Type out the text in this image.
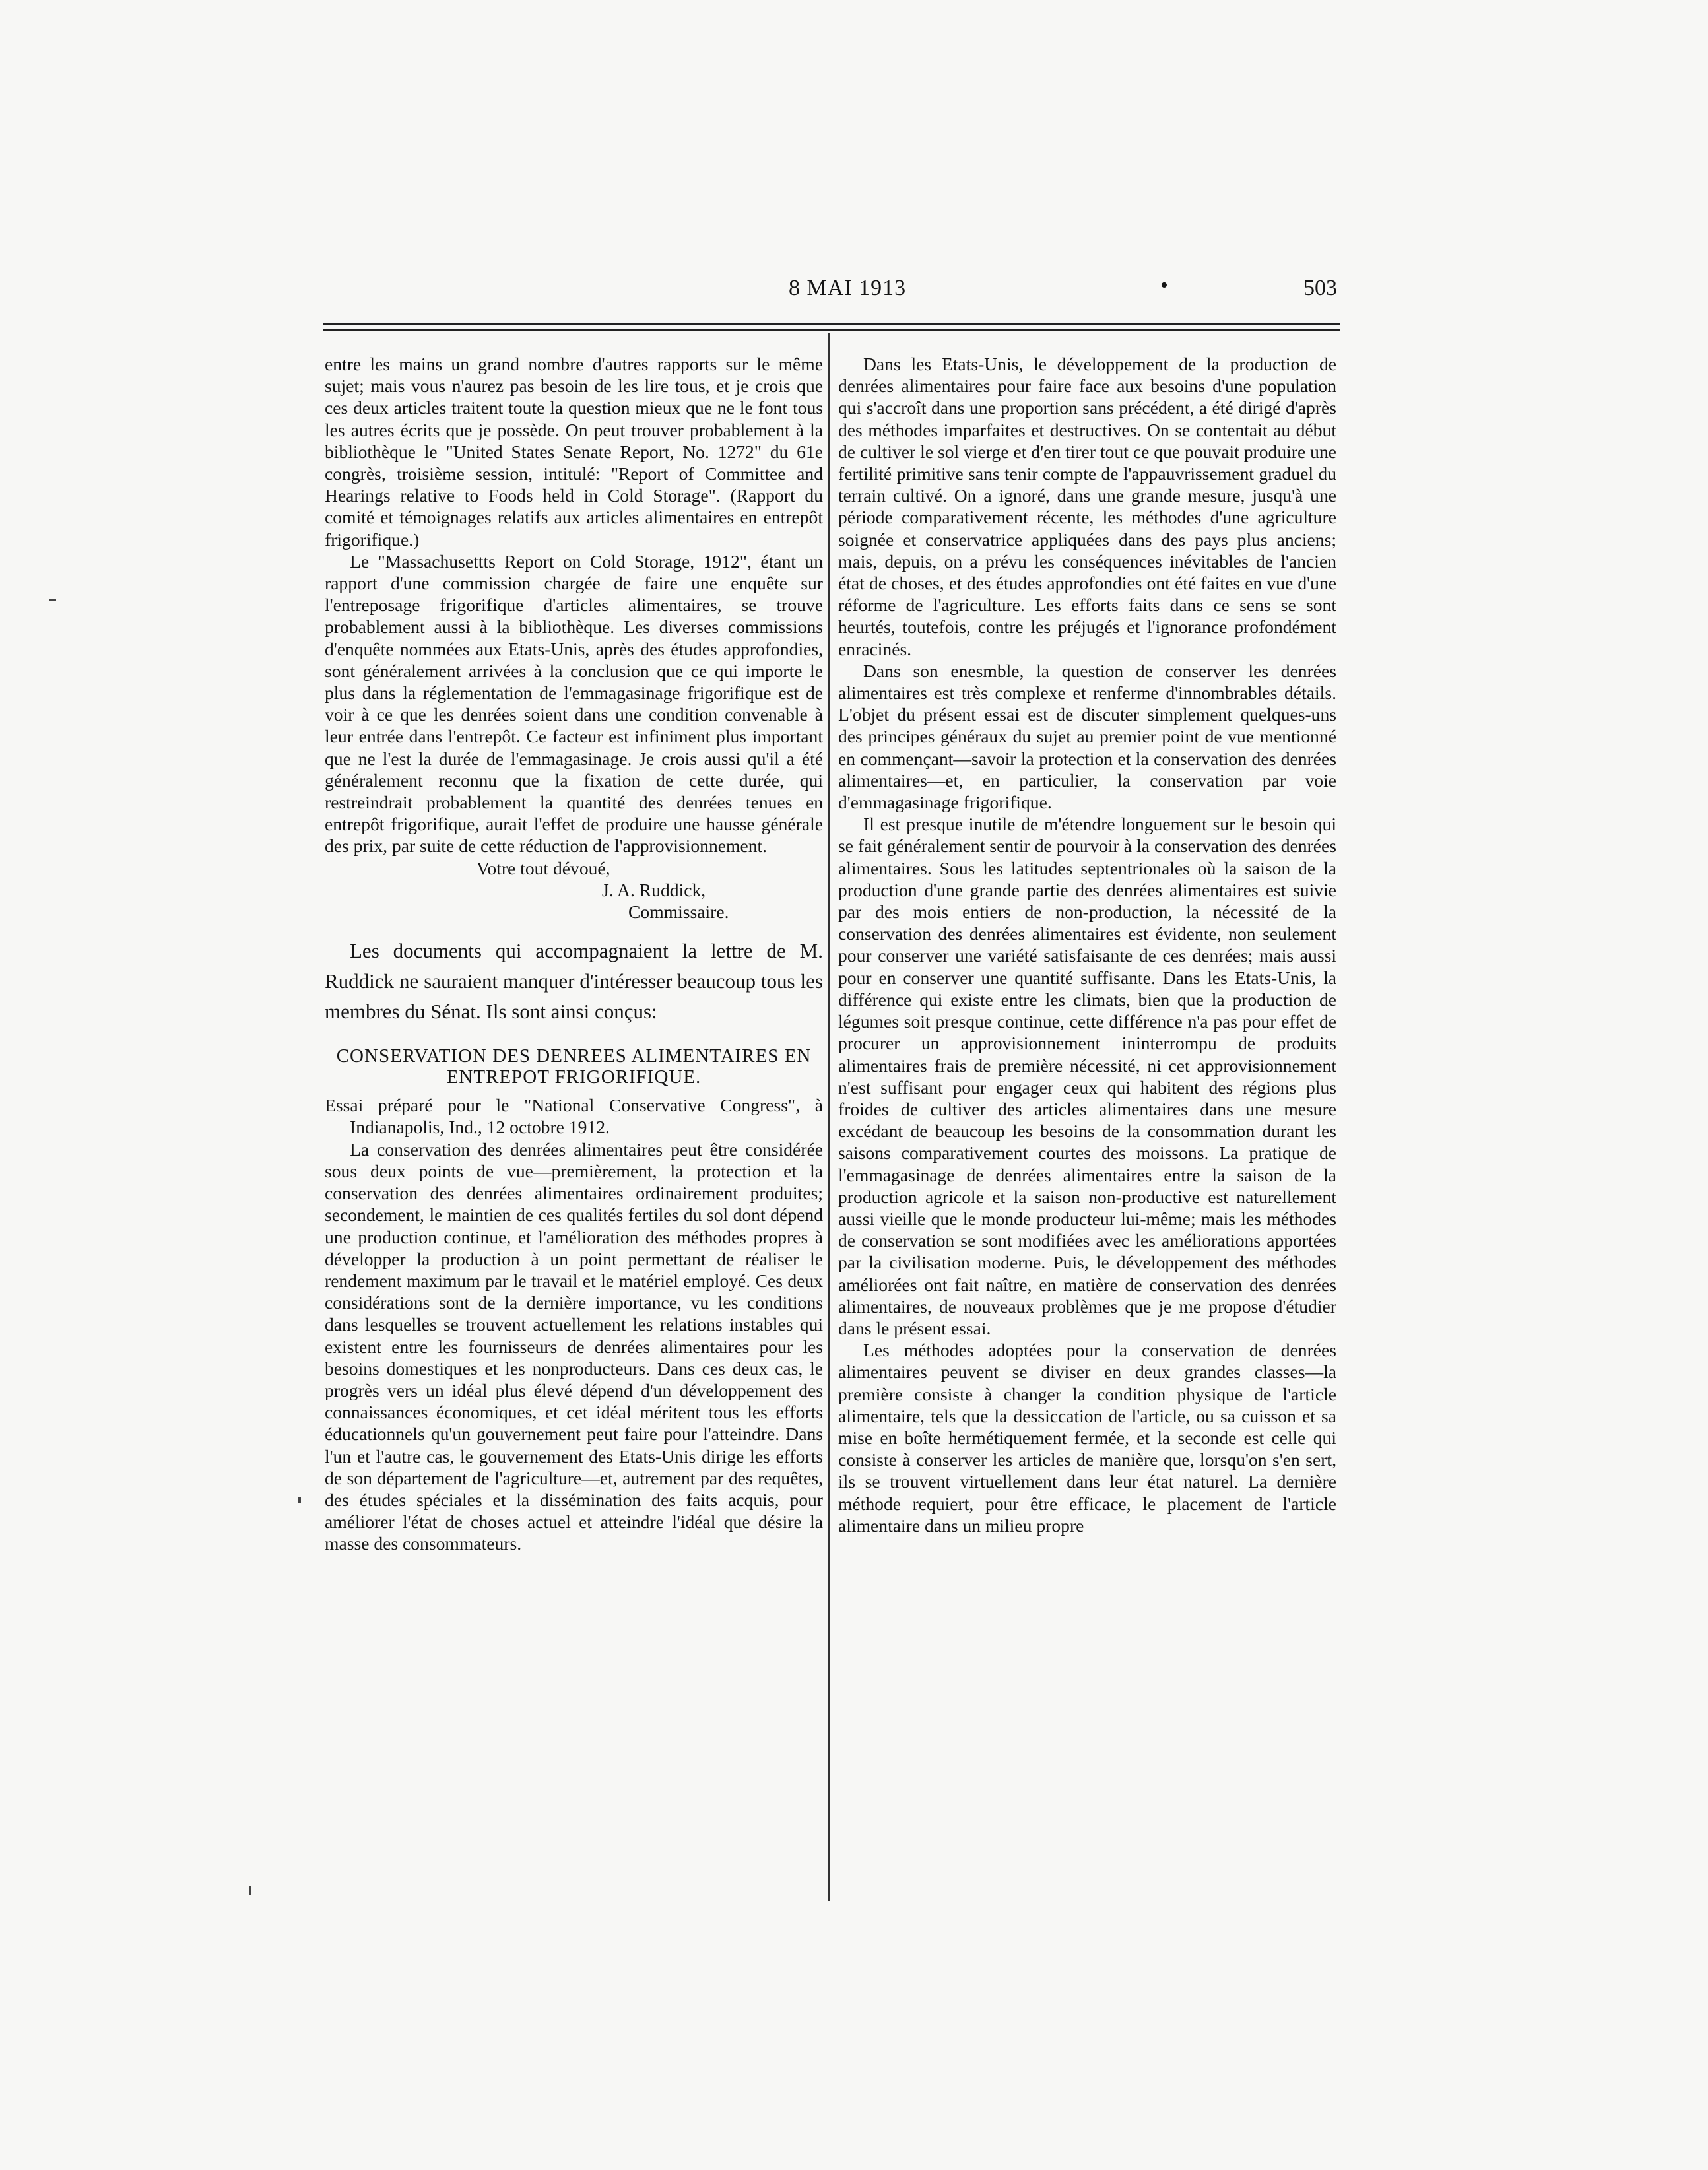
8 MAI 1913	•	503

entre les mains un grand nombre d'autres rapports sur le même sujet; mais vous n'aurez pas besoin de les lire tous, et je crois que ces deux articles traitent toute la question mieux que ne le font tous les autres écrits que je possède. On peut trouver probablement à la bibliothèque le "United States Senate Report, No. 1272" du 61e congrès, troisième session, intitulé: "Report of Committee and Hearings relative to Foods held in Cold Storage". (Rapport du comité et témoignages relatifs aux articles alimentaires en entrepôt frigorifique.)

Le "Massachusettts Report on Cold Storage, 1912", étant un rapport d'une commission chargée de faire une enquête sur l'entreposage frigorifique d'articles alimentaires, se trouve probablement aussi à la bibliothèque. Les diverses commissions d'enquête nommées aux Etats-Unis, après des études approfondies, sont généralement arrivées à la conclusion que ce qui importe le plus dans la réglementation de l'emmagasinage frigorifique est de voir à ce que les denrées soient dans une condition convenable à leur entrée dans l'entrepôt. Ce facteur est infiniment plus important que ne l'est la durée de l'emmagasinage. Je crois aussi qu'il a été généralement reconnu que la fixation de cette durée, qui restreindrait probablement la quantité des denrées tenues en entrepôt frigorifique, aurait l'effet de produire une hausse générale des prix, par suite de cette réduction de l'approvisionnement.

Votre tout dévoué,

J. A. Ruddick,

Commissaire.

Les documents qui accompagnaient la lettre de M. Ruddick ne sauraient manquer d'intéresser beaucoup tous les membres du Sénat. Ils sont ainsi conçus:

CONSERVATION DES DENREES ALIMENTAIRES EN ENTREPOT FRIGORIFIQUE.

Essai préparé pour le "National Conservative Congress", à Indianapolis, Ind., 12 octobre 1912.

La conservation des denrées alimentaires peut être considérée sous deux points de vue—premièrement, la protection et la conservation des denrées alimentaires ordinairement produites; secondement, le maintien de ces qualités fertiles du sol dont dépend une production continue, et l'amélioration des méthodes propres à développer la production à un point permettant de réaliser le rendement maximum par le travail et le matériel employé. Ces deux considérations sont de la dernière importance, vu les conditions dans lesquelles se trouvent actuellement les relations instables qui existent entre les fournisseurs de denrées alimentaires pour les besoins domestiques et les nonproducteurs. Dans ces deux cas, le progrès vers un idéal plus élevé dépend d'un développement des connaissances économiques, et cet idéal méritent tous les efforts éducationnels qu'un gouvernement peut faire pour l'atteindre. Dans l'un et l'autre cas, le gouvernement des Etats-Unis dirige les efforts de son département de l'agriculture—et, autrement par des requêtes, des études spéciales et la dissémination des faits acquis, pour améliorer l'état de choses actuel et atteindre l'idéal que désire la masse des consommateurs.

Dans les Etats-Unis, le développement de la production de denrées alimentaires pour faire face aux besoins d'une population qui s'accroît dans une proportion sans précédent, a été dirigé d'après des méthodes imparfaites et destructives. On se contentait au début de cultiver le sol vierge et d'en tirer tout ce que pouvait produire une fertilité primitive sans tenir compte de l'appauvrissement graduel du terrain cultivé. On a ignoré, dans une grande mesure, jusqu'à une période comparativement récente, les méthodes d'une agriculture soignée et conservatrice appliquées dans des pays plus anciens; mais, depuis, on a prévu les conséquences inévitables de l'ancien état de choses, et des études approfondies ont été faites en vue d'une réforme de l'agriculture. Les efforts faits dans ce sens se sont heurtés, toutefois, contre les préjugés et l'ignorance profondément enracinés.

Dans son enesmble, la question de conserver les denrées alimentaires est très complexe et renferme d'innombrables détails. L'objet du présent essai est de discuter simplement quelques-uns des principes généraux du sujet au premier point de vue mentionné en commençant—savoir la protection et la conservation des denrées alimentaires—et, en particulier, la conservation par voie d'emmagasinage frigorifique.

Il est presque inutile de m'étendre longuement sur le besoin qui se fait généralement sentir de pourvoir à la conservation des denrées alimentaires. Sous les latitudes septentrionales où la saison de la production d'une grande partie des denrées alimentaires est suivie par des mois entiers de non-production, la nécessité de la conservation des denrées alimentaires est évidente, non seulement pour conserver une variété satisfaisante de ces denrées; mais aussi pour en conserver une quantité suffisante. Dans les Etats-Unis, la différence qui existe entre les climats, bien que la production de légumes soit presque continue, cette différence n'a pas pour effet de procurer un approvisionnement ininterrompu de produits alimentaires frais de première nécessité, ni cet approvisionnement n'est suffisant pour engager ceux qui habitent des régions plus froides de cultiver des articles alimentaires dans une mesure excédant de beaucoup les besoins de la consommation durant les saisons comparativement courtes des moissons. La pratique de l'emmagasinage de denrées alimentaires entre la saison de la production agricole et la saison non-productive est naturellement aussi vieille que le monde producteur lui-même; mais les méthodes de conservation se sont modifiées avec les améliorations apportées par la civilisation moderne. Puis, le développement des méthodes améliorées ont fait naître, en matière de conservation des denrées alimentaires, de nouveaux problèmes que je me propose d'étudier dans le présent essai.

Les méthodes adoptées pour la conservation de denrées alimentaires peuvent se diviser en deux grandes classes—la première consiste à changer la condition physique de l'article alimentaire, tels que la dessiccation de l'article, ou sa cuisson et sa mise en boîte hermétiquement fermée, et la seconde est celle qui consiste à conserver les articles de manière que, lorsqu'on s'en sert, ils se trouvent virtuellement dans leur état naturel. La dernière méthode requiert, pour être efficace, le placement de l'article alimentaire dans un milieu propre
